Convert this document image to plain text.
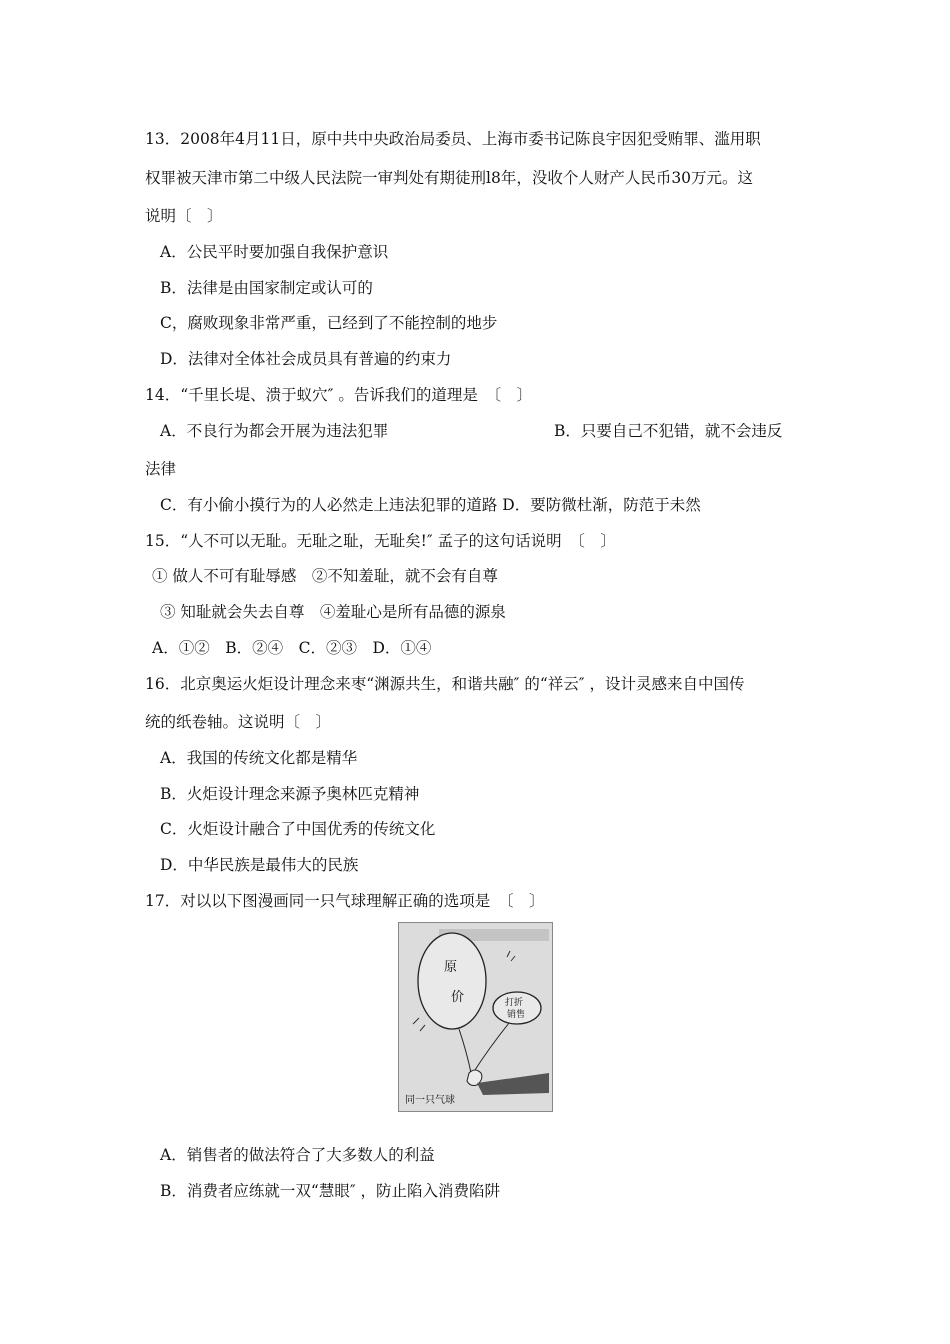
13．2008年4月11日，原中共中央政治局委员、上海市委书记陈良宇因犯受贿罪、滥用职
权罪被天津市第二中级人民法院一审判处有期徒刑l8年，没收个人财产人民币30万元。这
说明〔　〕
A．公民平时要加强自我保护意识
B．法律是由国家制定或认可的
C，腐败现象非常严重，已经到了不能控制的地步
D．法律对全体社会成员具有普遍的约束力
14．“千里长堤、溃于蚁穴″ 。告诉我们的道理是　〔　〕
A．不良行为都会开展为违法犯罪	B．只要自己不犯错，就不会违反
法律
C．有小偷小摸行为的人必然走上违法犯罪的道路 D．要防微杜渐，防范于未然
15．“人不可以无耻。无耻之耻，无耻矣!″ 孟子的这句话说明　〔　〕
① 做人不可有耻辱感　②不知羞耻，就不会有自尊
③ 知耻就会失去自尊　④羞耻心是所有品德的源泉
A．①②　B．②④　C．②③　D．①④
16．北京奥运火炬设计理念来枣“渊源共生，和谐共融″ 的“祥云″ ，设计灵感来自中国传
统的纸卷轴。这说明〔　〕
A．我国的传统文化都是精华
B．火炬设计理念来源予奥林匹克精神
C．火炬设计融合了中国优秀的传统文化
D．中华民族是最伟大的民族
17．对以以下图漫画同一只气球理解正确的选项是　〔　〕
原
价	打折
销售
同一只气球
A．销售者的做法符合了大多数人的利益
B．消费者应练就一双“慧眼″ ，防止陷入消费陷阱
